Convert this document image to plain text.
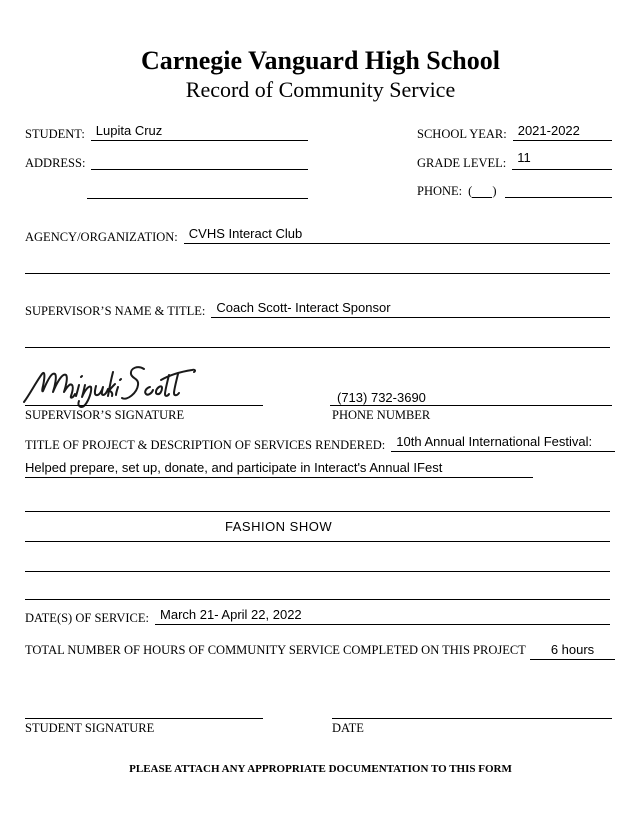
Carnegie Vanguard High School
Record of Community Service
STUDENT: Lupita Cruz	SCHOOL YEAR: 2021-2022
ADDRESS:	GRADE LEVEL: 11
PHONE: ( )
AGENCY/ORGANIZATION: CVHS Interact Club
SUPERVISOR’S NAME & TITLE: Coach Scott- Interact Sponsor
SUPERVISOR’S SIGNATURE
(713) 732-3690
PHONE NUMBER
TITLE OF PROJECT & DESCRIPTION OF SERVICES RENDERED: 10th Annual International Festival:
Helped prepare, set up, donate, and participate in Interact's Annual IFest
FASHION SHOW
DATE(S) OF SERVICE: March 21- April 22, 2022
TOTAL NUMBER OF HOURS OF COMMUNITY SERVICE COMPLETED ON THIS PROJECT	6 hours
STUDENT SIGNATURE	DATE
PLEASE ATTACH ANY APPROPRIATE DOCUMENTATION TO THIS FORM
